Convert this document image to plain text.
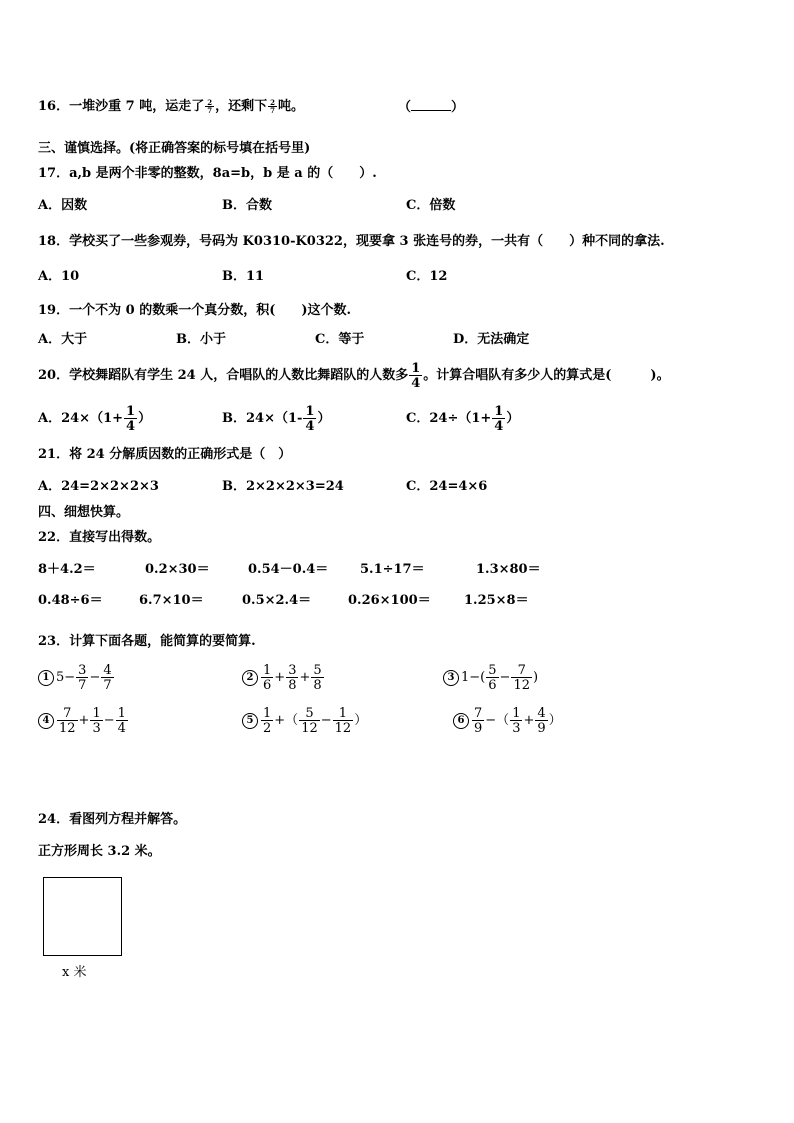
16．一堆沙重 7 吨，运走了 $\frac{2}{7}$ ，还剩下 $\frac{2}{7}$ 吨。	（	）
三、谨慎选择。(将正确答案的标号填在括号里)
17．a,b 是两个非零的整数，8a=b，b 是 a 的（　　）.
A．因数	B．合数	C．倍数
18．学校买了一些参观券，号码为 K0310-K0322，现要拿 3 张连号的券，一共有（　　）种不同的拿法.
A．10	B．11	C．12
19．一个不为 0 的数乘一个真分数，积(　　)这个数.
A．大于	B．小于	C．等于	D．无法确定
20．学校舞蹈队有学生 24 人，合唱队的人数比舞蹈队的人数多 $\frac{1}{4}$ 。计算合唱队有多少人的算式是(　　　)。
A．$24\times(1+ \frac{1}{4}$ ）	B．$24\times(1- \frac{1}{4}$ ）	C．$24\div(1+ \frac{1}{4}$ ）
21．将 24 分解质因数的正确形式是（　）
A．24=2×2×2×3	B．2×2×2×3=24	C．24=4×6
四、细想快算。
22．直接写出得数。
8＋4.2＝	0.2×30＝	0.54－0.4＝ 5.1÷17＝	1.3×80＝
0.48÷6＝	6.7×10＝	0.5×2.4＝	0.26×100＝	1.25×8＝
23．计算下面各题，能简算的要简算.
1 $5- \frac{3}{7} - \frac{4}{7}$	$2 \frac{1}{6} + \frac{3}{8} + \frac{5}{8}$	3 $1-( \frac{5}{6} - \frac{7}{12}$ )
$4 \frac{7}{12} + \frac{1}{3} - \frac{1}{4}$	$5 \frac{1}{2}$ +（ $\frac{5}{12} - \frac{1}{12}$ ）	$6 \frac{7}{9}$ −（ $\frac{1}{3} + \frac{4}{9}$ ）
24．看图列方程并解答。
正方形周长 3.2 米。
x 米
